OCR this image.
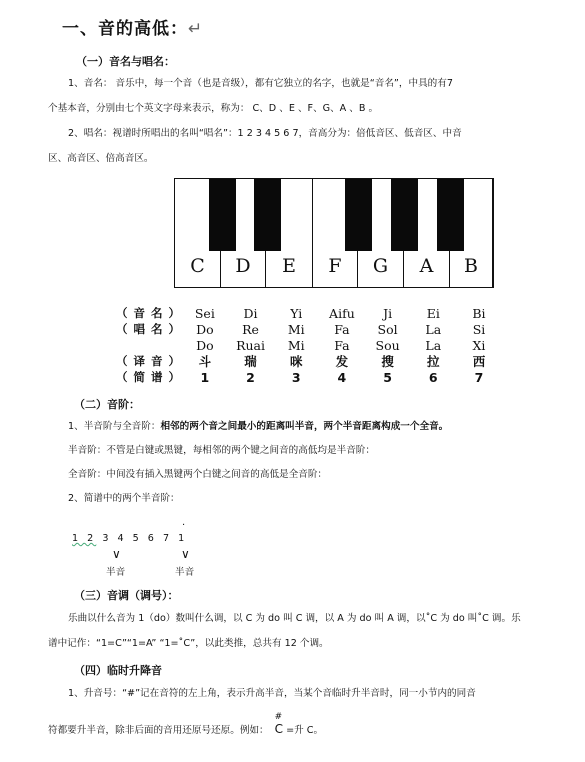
一、音的高低：↵
（一）音名与唱名：
1、音名： 音乐中，每一个音（也是音级），都有它独立的名字，也就是“音名”，中具的有7
个基本音，分别由七个英文字母来表示，称为： C、D 、E 、F、G、A 、B 。
2、唱名：视谱时所唱出的名叫“唱名”：1 2 3 4 5 6 7，音高分为：倍低音区、低音区、中音
区、高音区、倍高音区。
C	D	E	F	G	A	B
（ 音 名 ）	Sei	Di	Yi	Aifu	Ji	Ei	Bi
（ 唱 名 ）	Do	Re	Mi	Fa	Sol	La	Si
Do	Ruai	Mi	Fa	Sou	La	Xi
（ 译 音 ）	斗	瑞	咪	发	搜	拉	西
（ 简 谱 ）	1	2	3	4	5	6	7
（二）音阶：
1、半音阶与全音阶：相邻的两个音之间最小的距离叫半音，两个半音距离构成一个全音。
半音阶：不管是白键或黑键，每相邻的两个键之间音的高低均是半音阶：
全音阶：中间没有插入黑键两个白键之间音的高低是全音阶：
2、简谱中的两个半音阶：
·
1 2 3 4 5 6 7 1
∨	∨
半音	半音
（三）音调（调号）：
乐曲以什么音为 1（do）数叫什么调，以 C 为 do 叫 C 调，以 A 为 do 叫 A 调，以˚C 为 do 叫˚C 调。乐
谱中记作：“1=C”“1=A” “1=˚C”，以此类推，总共有 12 个调。
（四）临时升降音
1、升音号：“#”记在音符的左上角，表示升高半音，当某个音临时升半音时，同一小节内的同音
符都要升半音，除非后面的音用还原号还原。例如：
#
C =升 C。
